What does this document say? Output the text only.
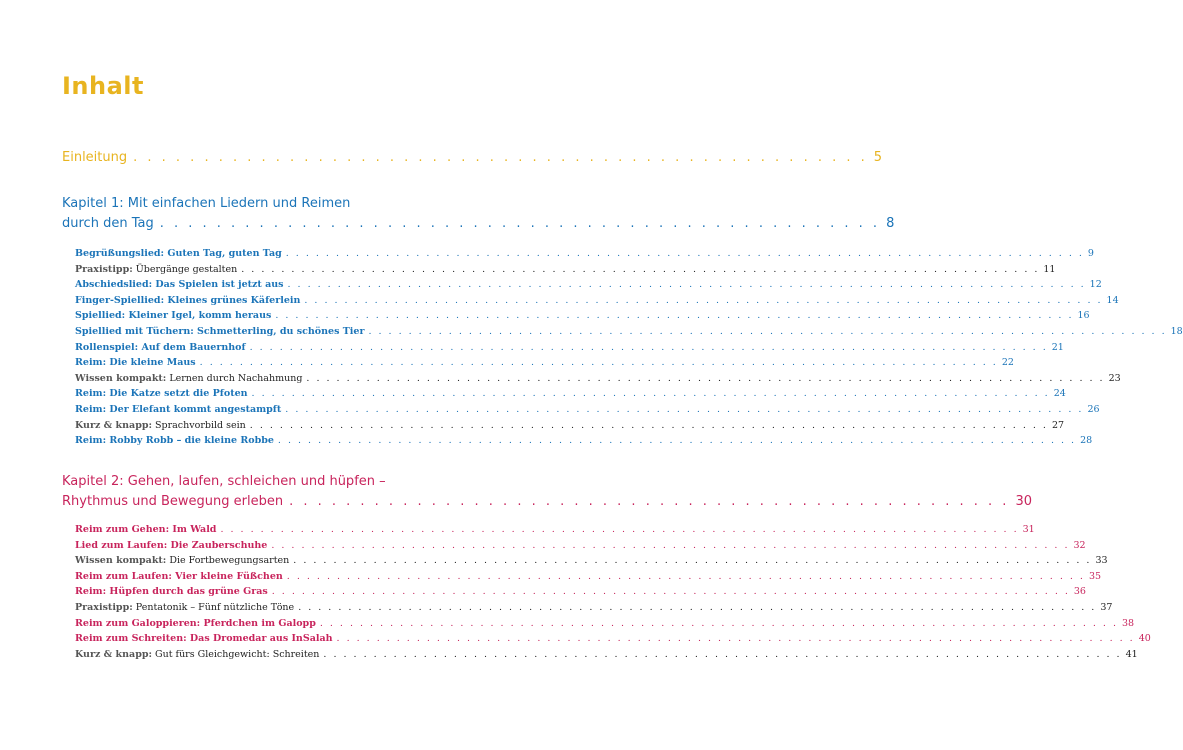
Inhalt
Einleitung . . . . . . . . . . . . . . . . . . . . . . . . . . . . . . . . . . . . . . . . . . . . . . . . . . . . 5
Kapitel 1: Mit einfachen Liedern und Reimen
durch den Tag . . . . . . . . . . . . . . . . . . . . . . . . . . . . . . . . . . . . . . . . . . . . . . . . . . . 8
Begrüßungslied: Guten Tag, guten Tag . . . . . . . . . . . . . . . . . . . . . . . . . . . . . . . . . . . . . . . . . . . . . . . . . . . . . . . . . . . . . . . . . . . . . . . . . . . . . . . . 9
Praxistipp: Übergänge gestalten . . . . . . . . . . . . . . . . . . . . . . . . . . . . . . . . . . . . . . . . . . . . . . . . . . . . . . . . . . . . . . . . . . . . . . . . . . . . . . . . 11
Abschiedslied: Das Spielen ist jetzt aus . . . . . . . . . . . . . . . . . . . . . . . . . . . . . . . . . . . . . . . . . . . . . . . . . . . . . . . . . . . . . . . . . . . . . . . . . . . . . . . . 12
Finger-Spiellied: Kleines grünes Käferlein . . . . . . . . . . . . . . . . . . . . . . . . . . . . . . . . . . . . . . . . . . . . . . . . . . . . . . . . . . . . . . . . . . . . . . . . . . . . . . . . 14
Spiellied: Kleiner Igel, komm heraus . . . . . . . . . . . . . . . . . . . . . . . . . . . . . . . . . . . . . . . . . . . . . . . . . . . . . . . . . . . . . . . . . . . . . . . . . . . . . . . . 16
Spiellied mit Tüchern: Schmetterling, du schönes Tier . . . . . . . . . . . . . . . . . . . . . . . . . . . . . . . . . . . . . . . . . . . . . . . . . . . . . . . . . . . . . . . . . . . . . . . . . . . . . . . . 18
Rollenspiel: Auf dem Bauernhof . . . . . . . . . . . . . . . . . . . . . . . . . . . . . . . . . . . . . . . . . . . . . . . . . . . . . . . . . . . . . . . . . . . . . . . . . . . . . . . . 21
Reim: Die kleine Maus . . . . . . . . . . . . . . . . . . . . . . . . . . . . . . . . . . . . . . . . . . . . . . . . . . . . . . . . . . . . . . . . . . . . . . . . . . . . . . . . 22
Wissen kompakt: Lernen durch Nachahmung . . . . . . . . . . . . . . . . . . . . . . . . . . . . . . . . . . . . . . . . . . . . . . . . . . . . . . . . . . . . . . . . . . . . . . . . . . . . . . . . 23
Reim: Die Katze setzt die Pfoten . . . . . . . . . . . . . . . . . . . . . . . . . . . . . . . . . . . . . . . . . . . . . . . . . . . . . . . . . . . . . . . . . . . . . . . . . . . . . . . . 24
Reim: Der Elefant kommt angestampft . . . . . . . . . . . . . . . . . . . . . . . . . . . . . . . . . . . . . . . . . . . . . . . . . . . . . . . . . . . . . . . . . . . . . . . . . . . . . . . . 26
Kurz & knapp: Sprachvorbild sein . . . . . . . . . . . . . . . . . . . . . . . . . . . . . . . . . . . . . . . . . . . . . . . . . . . . . . . . . . . . . . . . . . . . . . . . . . . . . . . . 27
Reim: Robby Robb – die kleine Robbe . . . . . . . . . . . . . . . . . . . . . . . . . . . . . . . . . . . . . . . . . . . . . . . . . . . . . . . . . . . . . . . . . . . . . . . . . . . . . . . . 28
Kapitel 2: Gehen, laufen, schleichen und hüpfen –
Rhythmus und Bewegung erleben . . . . . . . . . . . . . . . . . . . . . . . . . . . . . . . . . . . . . . . . . . . . . . . . . . . 30
Reim zum Gehen: Im Wald . . . . . . . . . . . . . . . . . . . . . . . . . . . . . . . . . . . . . . . . . . . . . . . . . . . . . . . . . . . . . . . . . . . . . . . . . . . . . . . . 31
Lied zum Laufen: Die Zauberschuhe . . . . . . . . . . . . . . . . . . . . . . . . . . . . . . . . . . . . . . . . . . . . . . . . . . . . . . . . . . . . . . . . . . . . . . . . . . . . . . . . 32
Wissen kompakt: Die Fortbewegungsarten . . . . . . . . . . . . . . . . . . . . . . . . . . . . . . . . . . . . . . . . . . . . . . . . . . . . . . . . . . . . . . . . . . . . . . . . . . . . . . . . 33
Reim zum Laufen: Vier kleine Füßchen . . . . . . . . . . . . . . . . . . . . . . . . . . . . . . . . . . . . . . . . . . . . . . . . . . . . . . . . . . . . . . . . . . . . . . . . . . . . . . . . 35
Reim: Hüpfen durch das grüne Gras . . . . . . . . . . . . . . . . . . . . . . . . . . . . . . . . . . . . . . . . . . . . . . . . . . . . . . . . . . . . . . . . . . . . . . . . . . . . . . . . 36
Praxistipp: Pentatonik – Fünf nützliche Töne . . . . . . . . . . . . . . . . . . . . . . . . . . . . . . . . . . . . . . . . . . . . . . . . . . . . . . . . . . . . . . . . . . . . . . . . . . . . . . . . 37
Reim zum Galoppieren: Pferdchen im Galopp . . . . . . . . . . . . . . . . . . . . . . . . . . . . . . . . . . . . . . . . . . . . . . . . . . . . . . . . . . . . . . . . . . . . . . . . . . . . . . . . 38
Reim zum Schreiten: Das Dromedar aus InSalah . . . . . . . . . . . . . . . . . . . . . . . . . . . . . . . . . . . . . . . . . . . . . . . . . . . . . . . . . . . . . . . . . . . . . . . . . . . . . . . . 40
Kurz & knapp: Gut fürs Gleichgewicht: Schreiten . . . . . . . . . . . . . . . . . . . . . . . . . . . . . . . . . . . . . . . . . . . . . . . . . . . . . . . . . . . . . . . . . . . . . . . . . . . . . . . . 41
